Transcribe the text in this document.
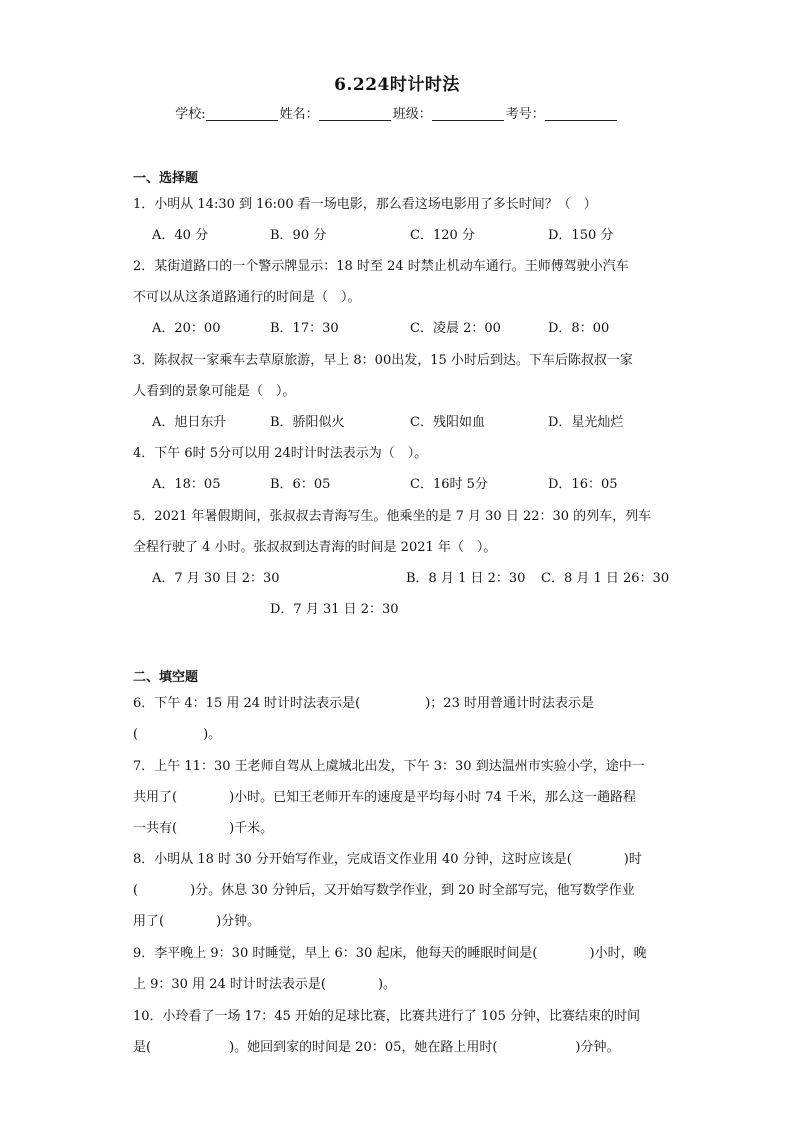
6.224时计时法
学校:	姓名：	班级：	考号：
一、选择题
1．小明从 14:30 到 16:00 看一场电影，那么看这场电影用了多长时间？（　）
A．40 分	B．90 分	C．120 分	D．150 分
2．某街道路口的一个警示牌显示：18 时至 24 时禁止机动车通行。王师傅驾驶小汽车
不可以从这条道路通行的时间是（　）。
A．20：00	B．17：30	C．凌晨 2：00	D．8：00
3．陈叔叔一家乘车去草原旅游，早上 8：00出发，15 小时后到达。下车后陈叔叔一家
人看到的景象可能是（　）。
A．旭日东升	B．骄阳似火	C．残阳如血	D．星光灿烂
4．下午 6时 5分可以用 24时计时法表示为（　）。
A．18：05	B．6：05	C．16时 5分	D．16：05
5．2021 年暑假期间，张叔叔去青海写生。他乘坐的是 7 月 30 日 22：30 的列车，列车
全程行驶了 4 小时。张叔叔到达青海的时间是 2021 年（　）。
A．7 月 30 日 2：30	B．8 月 1 日 2：30 C．8 月 1 日 26：30
D．7 月 31 日 2：30
二、填空题
6．下午 4：15 用 24 时计时法表示是(　　　　　)；23 时用普通计时法表示是
(　　　　　)。
7．上午 11：30 王老师自驾从上虞城北出发，下午 3：30 到达温州市实验小学，途中一
共用了(　　　　)小时。已知王老师开车的速度是平均每小时 74 千米，那么这一趟路程
一共有(　　　　)千米。
8．小明从 18 时 30 分开始写作业，完成语文作业用 40 分钟，这时应该是(　　　　)时
(　　　　)分。休息 30 分钟后，又开始写数学作业，到 20 时全部写完，他写数学作业
用了(　　　　)分钟。
9．李平晚上 9：30 时睡觉，早上 6：30 起床，他每天的睡眠时间是(　　　　)小时，晚
上 9：30 用 24 时计时法表示是(　　　　)。
10．小玲看了一场 17：45 开始的足球比赛，比赛共进行了 105 分钟，比赛结束的时间
是(　　　　　　)。她回到家的时间是 20：05，她在路上用时(　　　　　　)分钟。
